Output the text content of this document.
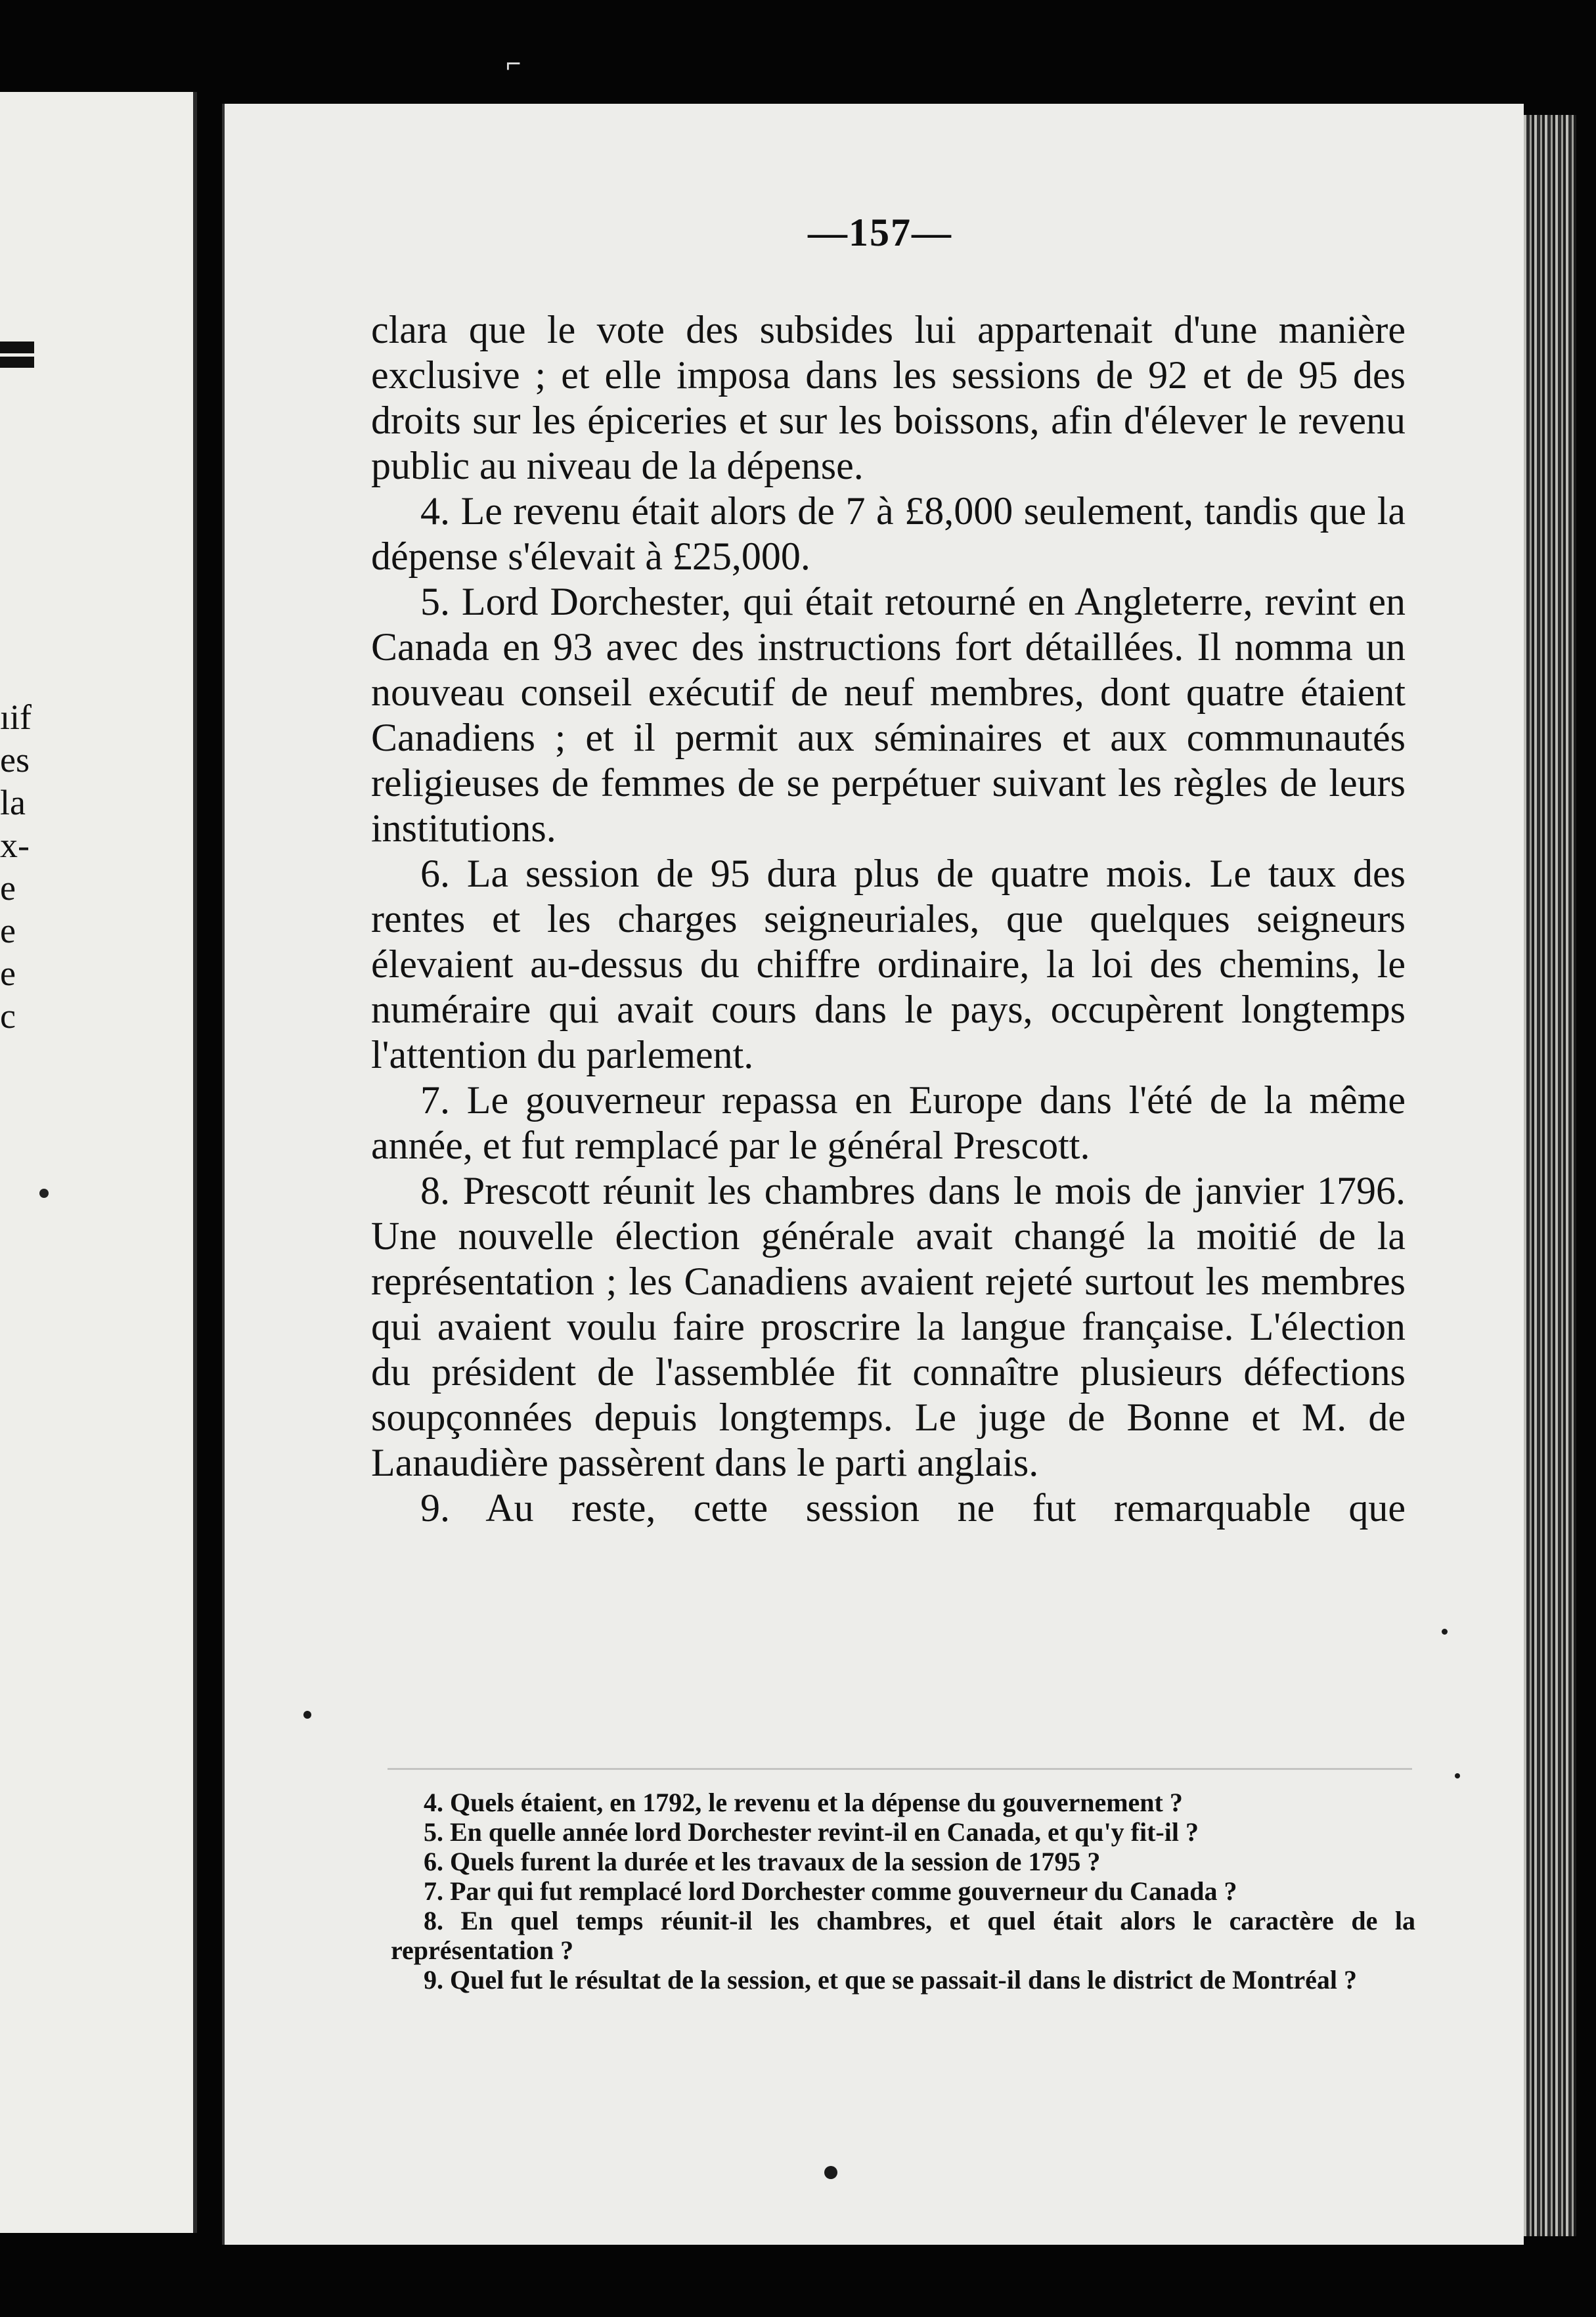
ıif
es
la
x-
e
e
e
c
⌐
—157—

clara que le vote des subsides lui appartenait d'une manière exclusive ; et elle imposa dans les sessions de 92 et de 95 des droits sur les épiceries et sur les boissons, afin d'élever le revenu public au niveau de la dépense.

4. Le revenu était alors de 7 à £8,000 seulement, tandis que la dépense s'élevait à £25,000.

5. Lord Dorchester, qui était retourné en Angleterre, revint en Canada en 93 avec des instructions fort détaillées. Il nomma un nouveau conseil exécutif de neuf membres, dont quatre étaient Canadiens ; et il permit aux séminaires et aux communautés religieuses de femmes de se perpétuer suivant les règles de leurs institutions.

6. La session de 95 dura plus de quatre mois. Le taux des rentes et les charges seigneuriales, que quelques seigneurs élevaient au-dessus du chiffre ordinaire, la loi des chemins, le numéraire qui avait cours dans le pays, occupèrent longtemps l'attention du parlement.

7. Le gouverneur repassa en Europe dans l'été de la même année, et fut remplacé par le général Prescott.

8. Prescott réunit les chambres dans le mois de janvier 1796. Une nouvelle élection générale avait changé la moitié de la représentation ; les Canadiens avaient rejeté surtout les membres qui avaient voulu faire proscrire la langue française. L'élection du président de l'assemblée fit connaître plusieurs défections soupçonnées depuis longtemps. Le juge de Bonne et M. de Lanaudière passèrent dans le parti anglais.

9. Au reste, cette session ne fut remarquable que

4. Quels étaient, en 1792, le revenu et la dépense du gouvernement ?

5. En quelle année lord Dorchester revint-il en Canada, et qu'y fit-il ?

6. Quels furent la durée et les travaux de la session de 1795 ?

7. Par qui fut remplacé lord Dorchester comme gouverneur du Canada ?

8. En quel temps réunit-il les chambres, et quel était alors le caractère de la représentation ?

9. Quel fut le résultat de la session, et que se passait-il dans le district de Montréal ?
